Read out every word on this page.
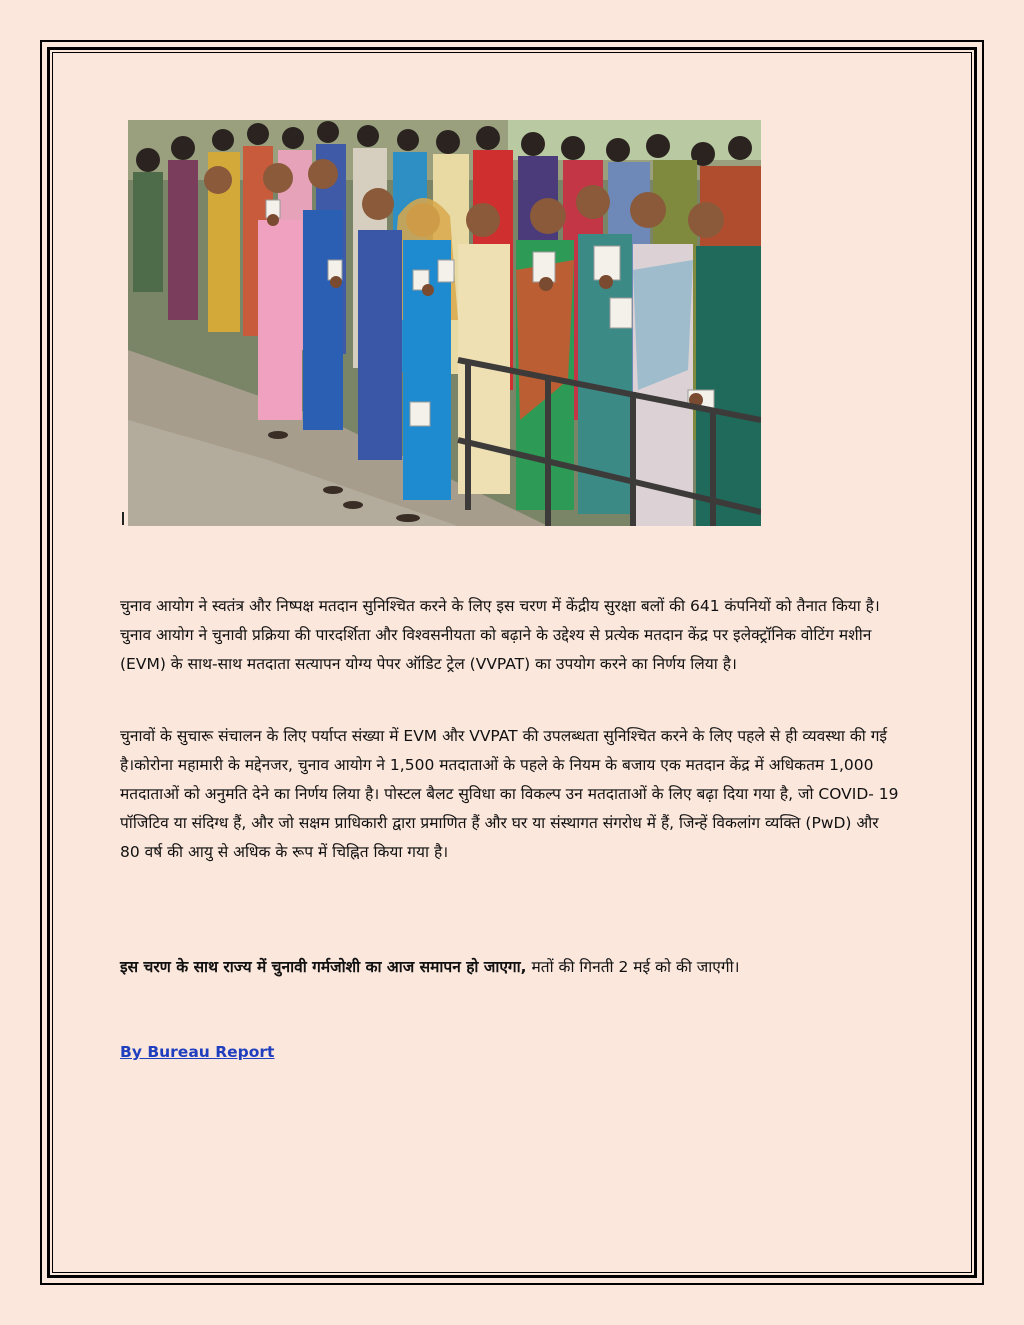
चुनाव आयोग ने स्वतंत्र और निष्पक्ष मतदान सुनिश्चित करने के लिए इस चरण में केंद्रीय सुरक्षा बलों की 641 कंपनियों को तैनात किया है। चुनाव आयोग ने चुनावी प्रक्रिया की पारदर्शिता और विश्वसनीयता को बढ़ाने के उद्देश्य से प्रत्येक मतदान केंद्र पर इलेक्ट्रॉनिक वोटिंग मशीन (EVM) के साथ-साथ मतदाता सत्यापन योग्य पेपर ऑडिट ट्रेल (VVPAT) का उपयोग करने का निर्णय लिया है।

चुनावों के सुचारू संचालन के लिए पर्याप्त संख्या में EVM और VVPAT की उपलब्धता सुनिश्चित करने के लिए पहले से ही व्यवस्था की गई है।कोरोना महामारी के मद्देनजर, चुनाव आयोग ने 1,500 मतदाताओं के पहले के नियम के बजाय एक मतदान केंद्र में अधिकतम 1,000 मतदाताओं को अनुमति देने का निर्णय लिया है। पोस्टल बैलट सुविधा का विकल्प उन मतदाताओं के लिए बढ़ा दिया गया है, जो COVID- 19 पॉजिटिव या संदिग्ध हैं, और जो सक्षम प्राधिकारी द्वारा प्रमाणित हैं और घर या संस्थागत संगरोध में हैं, जिन्हें विकलांग व्यक्ति (PwD) और 80 वर्ष की आयु से अधिक के रूप में चिह्नित किया गया है।

इस चरण के साथ राज्य में चुनावी गर्मजोशी का आज समापन हो जाएगा, मतों की गिनती 2 मई को की जाएगी।

By Bureau Report
